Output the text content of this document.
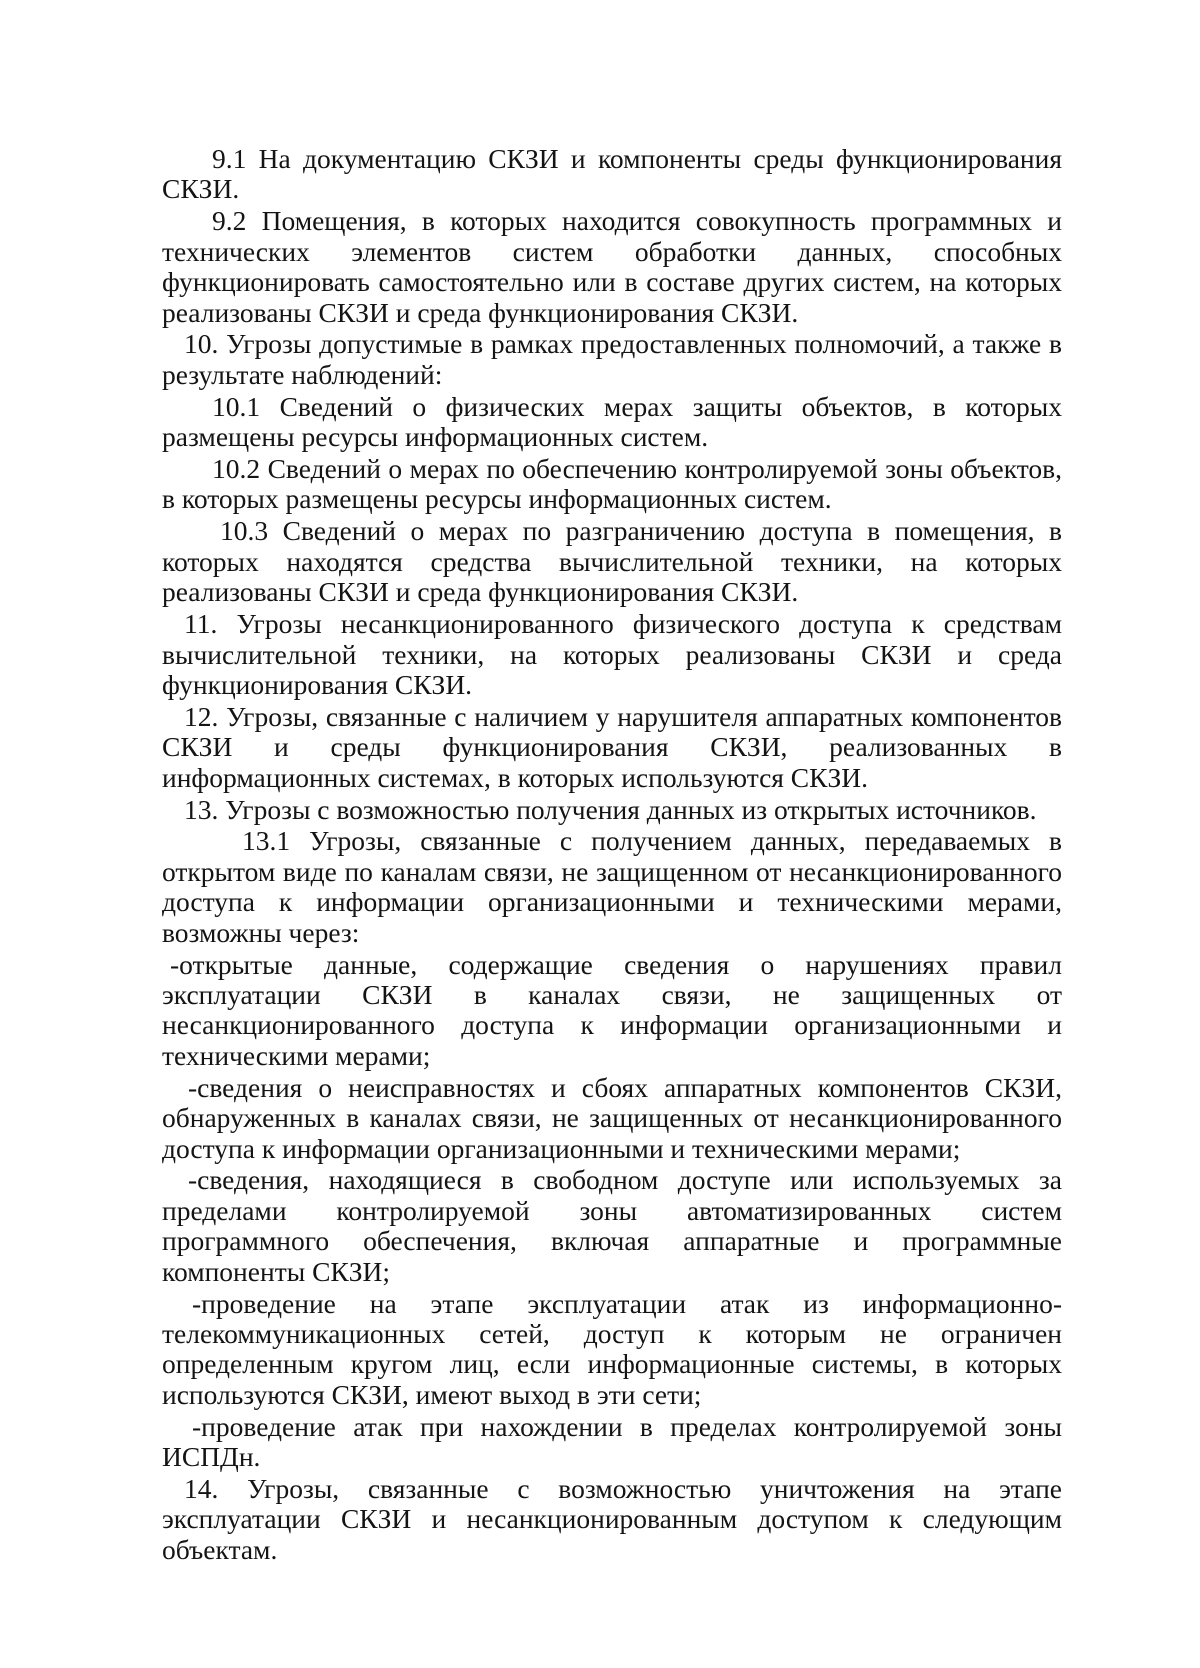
9.1 На документацию СКЗИ и компоненты среды функционирования СКЗИ.

9.2 Помещения, в которых находится совокупность программных и технических элементов систем обработки данных, способных функционировать самостоятельно или в составе других систем, на которых реализованы СКЗИ и среда функционирования СКЗИ.

10. Угрозы допустимые в рамках предоставленных полномочий, а также в результате наблюдений:

10.1 Сведений о физических мерах защиты объектов, в которых размещены ресурсы информационных систем.

10.2 Сведений о мерах по обеспечению контролируемой зоны объектов, в которых размещены ресурсы информационных систем.

10.3 Сведений о мерах по разграничению доступа в помещения, в которых находятся средства вычислительной техники, на которых реализованы СКЗИ и среда функционирования СКЗИ.

11. Угрозы несанкционированного физического доступа к средствам вычислительной техники, на которых реализованы СКЗИ и среда функционирования СКЗИ.

12. Угрозы, связанные с наличием у нарушителя аппаратных компонентов СКЗИ и среды функционирования СКЗИ, реализованных в информационных системах, в которых используются СКЗИ.

13. Угрозы с возможностью получения данных из открытых источников.

13.1 Угрозы, связанные с получением данных, передаваемых в открытом виде по каналам связи, не защищенном от несанкционированного доступа к информации организационными и техническими мерами, возможны через:

-открытые данные, содержащие сведения о нарушениях правил эксплуатации СКЗИ в каналах связи, не защищенных от несанкционированного доступа к информации организационными и техническими мерами;

-сведения о неисправностях и сбоях аппаратных компонентов СКЗИ, обнаруженных в каналах связи, не защищенных от несанкционированного доступа к информации организационными и техническими мерами;

-сведения, находящиеся в свободном доступе или используемых за пределами контролируемой зоны автоматизированных систем программного обеспечения, включая аппаратные и программные компоненты СКЗИ;

-проведение на этапе эксплуатации атак из информационно-телекоммуникационных сетей, доступ к которым не ограничен определенным кругом лиц, если информационные системы, в которых используются СКЗИ, имеют выход в эти сети;

-проведение атак при нахождении в пределах контролируемой зоны ИСПДн.

14. Угрозы, связанные с возможностью уничтожения на этапе эксплуатации СКЗИ и несанкционированным доступом к следующим объектам.
